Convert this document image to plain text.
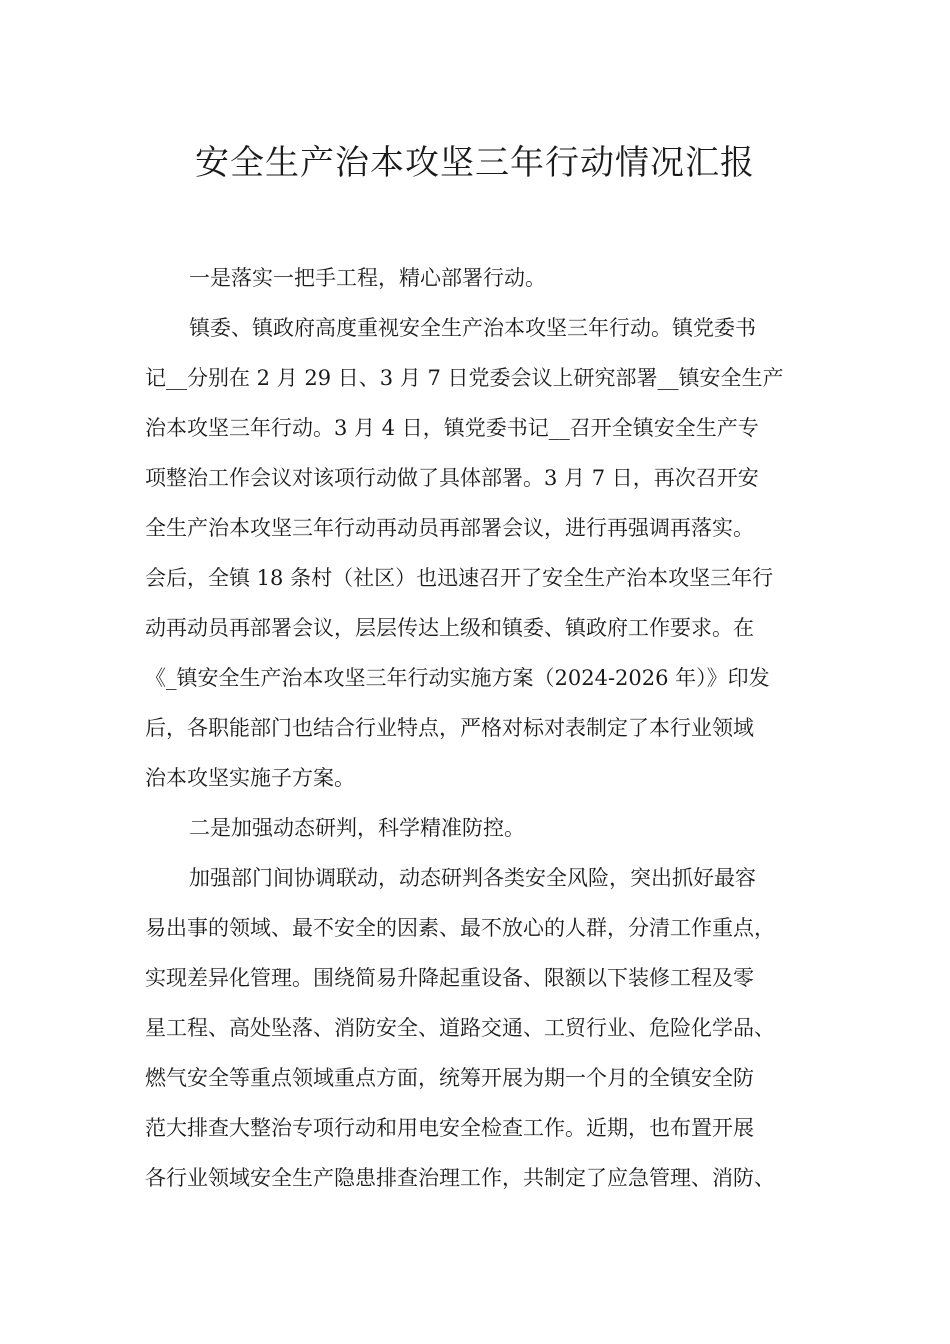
安全生产治本攻坚三年行动情况汇报

一是落实一把手工程，精心部署行动。

镇委、镇政府高度重视安全生产治本攻坚三年行动。镇党委书
记__分别在 2 月 29 日、3 月 7 日党委会议上研究部署__镇安全生产
治本攻坚三年行动。3 月 4 日，镇党委书记__召开全镇安全生产专
项整治工作会议对该项行动做了具体部署。3 月 7 日，再次召开安
全生产治本攻坚三年行动再动员再部署会议，进行再强调再落实。
会后，全镇 18 条村（社区）也迅速召开了安全生产治本攻坚三年行
动再动员再部署会议，层层传达上级和镇委、镇政府工作要求。在
《_镇安全生产治本攻坚三年行动实施方案（2024-2026 年）》印发
后，各职能部门也结合行业特点，严格对标对表制定了本行业领域
治本攻坚实施子方案。

二是加强动态研判，科学精准防控。

加强部门间协调联动，动态研判各类安全风险，突出抓好最容
易出事的领域、最不安全的因素、最不放心的人群，分清工作重点，
实现差异化管理。围绕简易升降起重设备、限额以下装修工程及零
星工程、高处坠落、消防安全、道路交通、工贸行业、危险化学品、
燃气安全等重点领域重点方面，统筹开展为期一个月的全镇安全防
范大排查大整治专项行动和用电安全检查工作。近期，也布置开展
各行业领域安全生产隐患排查治理工作，共制定了应急管理、消防、
